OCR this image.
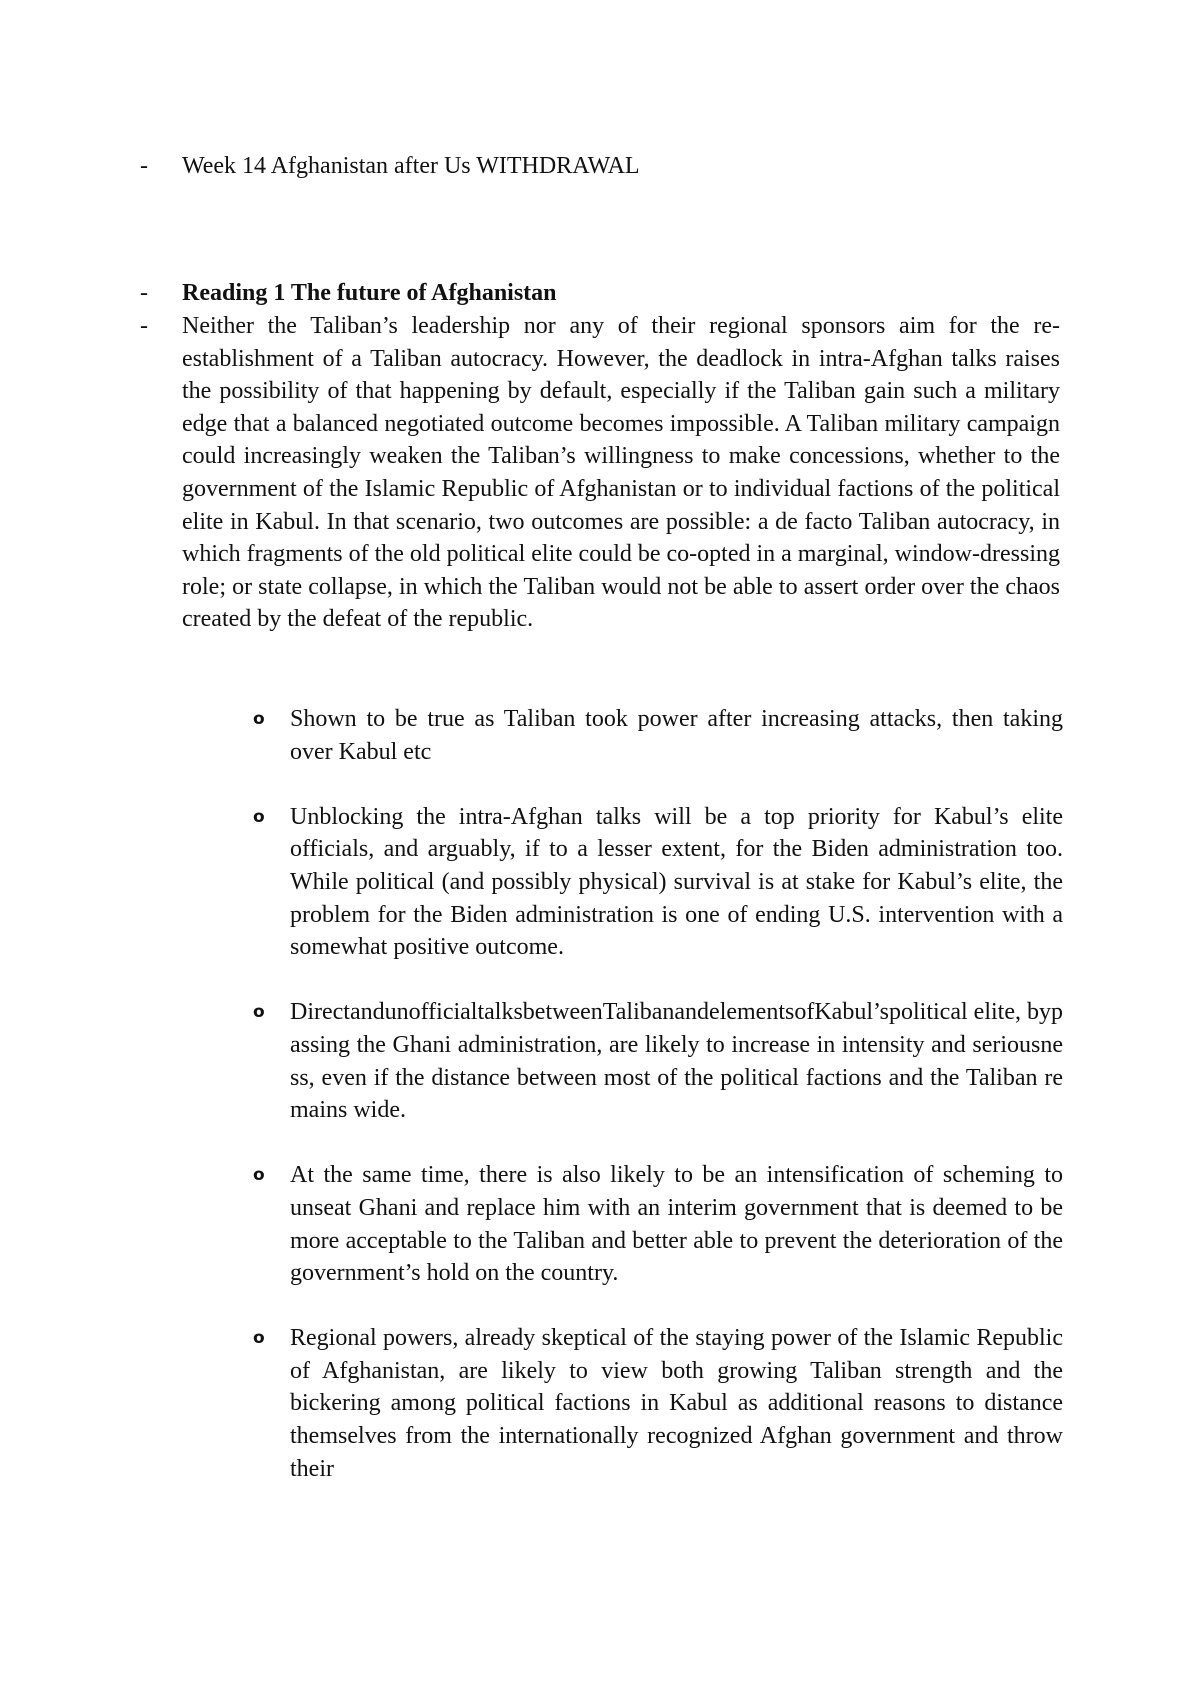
- Week 14 Afghanistan after Us WITHDRAWAL
- Reading 1 The future of Afghanistan
- Neither the Taliban’s leadership nor any of their regional sponsors aim for the re-establishment of a Taliban autocracy. However, the deadlock in intra-Afghan talks raises the possibility of that happening by default, especially if the Taliban gain such a military edge that a balanced negotiated outcome becomes impossible. A Taliban military campaign could increasingly weaken the Taliban’s willingness to make concessions, whether to the government of the Islamic Republic of Afghanistan or to individual factions of the political elite in Kabul. In that scenario, two outcomes are possible: a de facto Taliban autocracy, in which fragments of the old political elite could be co-opted in a marginal, window-dressing role; or state collapse, in which the Taliban would not be able to assert order over the chaos created by the defeat of the republic.
o Shown to be true as Taliban took power after increasing attacks, then taking over Kabul etc
o Unblocking the intra-Afghan talks will be a top priority for Kabul’s elite officials, and arguably, if to a lesser extent, for the Biden administration too. While political (and possibly physical) survival is at stake for Kabul’s elite, the problem for the Biden administration is one of ending U.S. intervention with a somewhat positive outcome.
o DirectandunofficialtalksbetweenTalibanandelementsofKabul’spolitical elite, bypassing the Ghani administration, are likely to increase in intensity and seriousness, even if the distance between most of the political factions and the Taliban remains wide.
o At the same time, there is also likely to be an intensification of scheming to unseat Ghani and replace him with an interim government that is deemed to be more acceptable to the Taliban and better able to prevent the deterioration of the government’s hold on the country.
o Regional powers, already skeptical of the staying power of the Islamic Republic of Afghanistan, are likely to view both growing Taliban strength and the bickering among political factions in Kabul as additional reasons to distance themselves from the internationally recognized Afghan government and throw their
